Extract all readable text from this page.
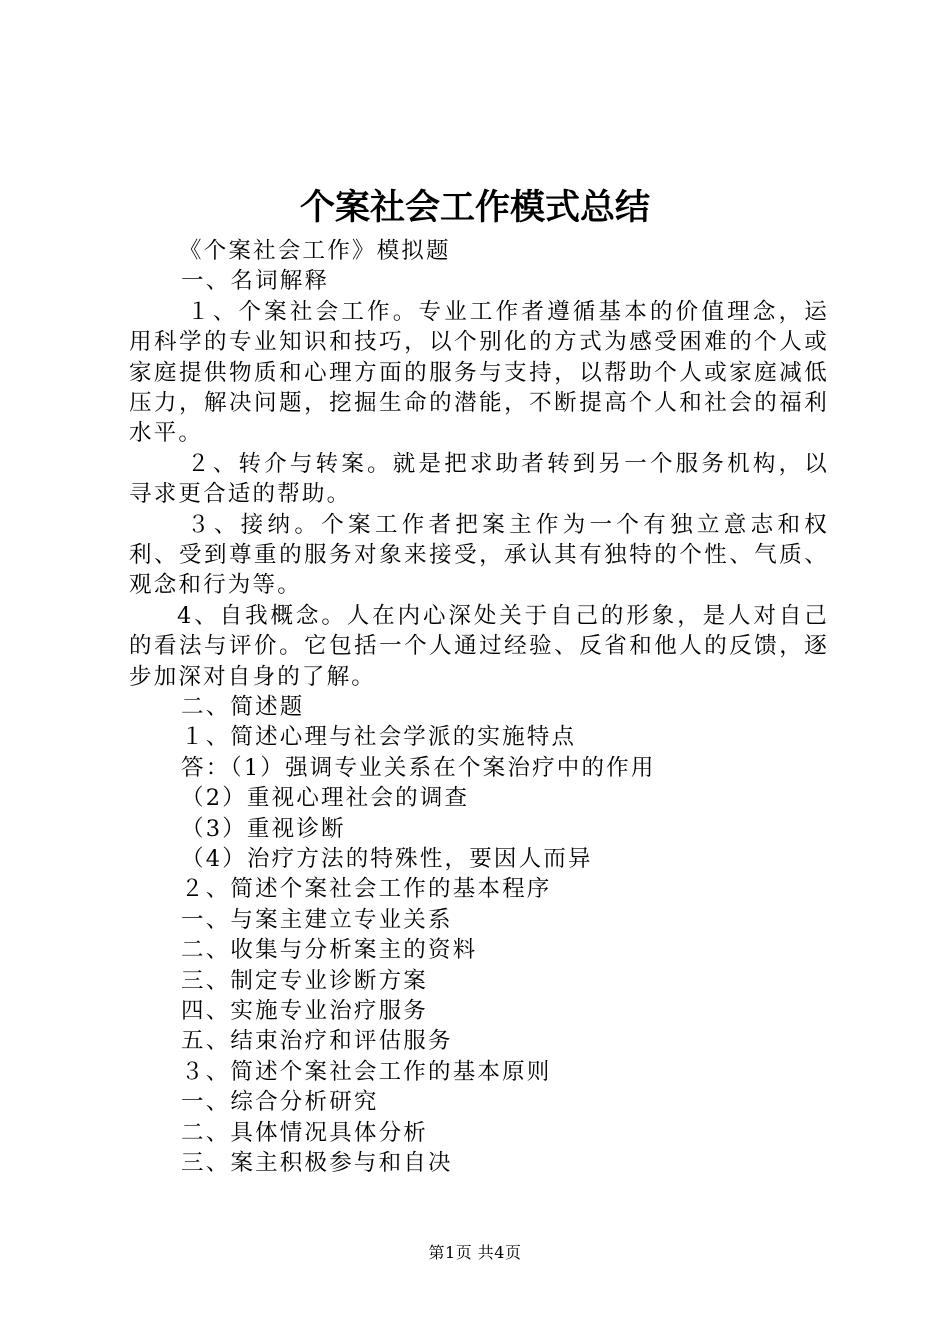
个案社会工作模式总结
《个案社会工作》模拟题
一、名词解释

１、个案社会工作。专业工作者遵循基本的价值理念，运用科学的专业知识和技巧，以个别化的方式为感受困难的个人或家庭提供物质和心理方面的服务与支持，以帮助个人或家庭减低压力，解决问题，挖掘生命的潜能，不断提高个人和社会的福利水平。

２、转介与转案。就是把求助者转到另一个服务机构，以寻求更合适的帮助。

３、接纳。个案工作者把案主作为一个有独立意志和权利、受到尊重的服务对象来接受，承认其有独特的个性、气质、观念和行为等。

4、自我概念。人在内心深处关于自己的形象，是人对自己的看法与评价。它包括一个人通过经验、反省和他人的反馈，逐步加深对自身的了解。

二、简述题
１、简述心理与社会学派的实施特点
答：（1）强调专业关系在个案治疗中的作用
（2）重视心理社会的调查
（3）重视诊断
（4）治疗方法的特殊性，要因人而异
２、简述个案社会工作的基本程序
一、与案主建立专业关系
二、收集与分析案主的资料
三、制定专业诊断方案
四、实施专业治疗服务
五、结束治疗和评估服务
３、简述个案社会工作的基本原则
一、综合分析研究
二、具体情况具体分析
三、案主积极参与和自决
第1页 共4页
